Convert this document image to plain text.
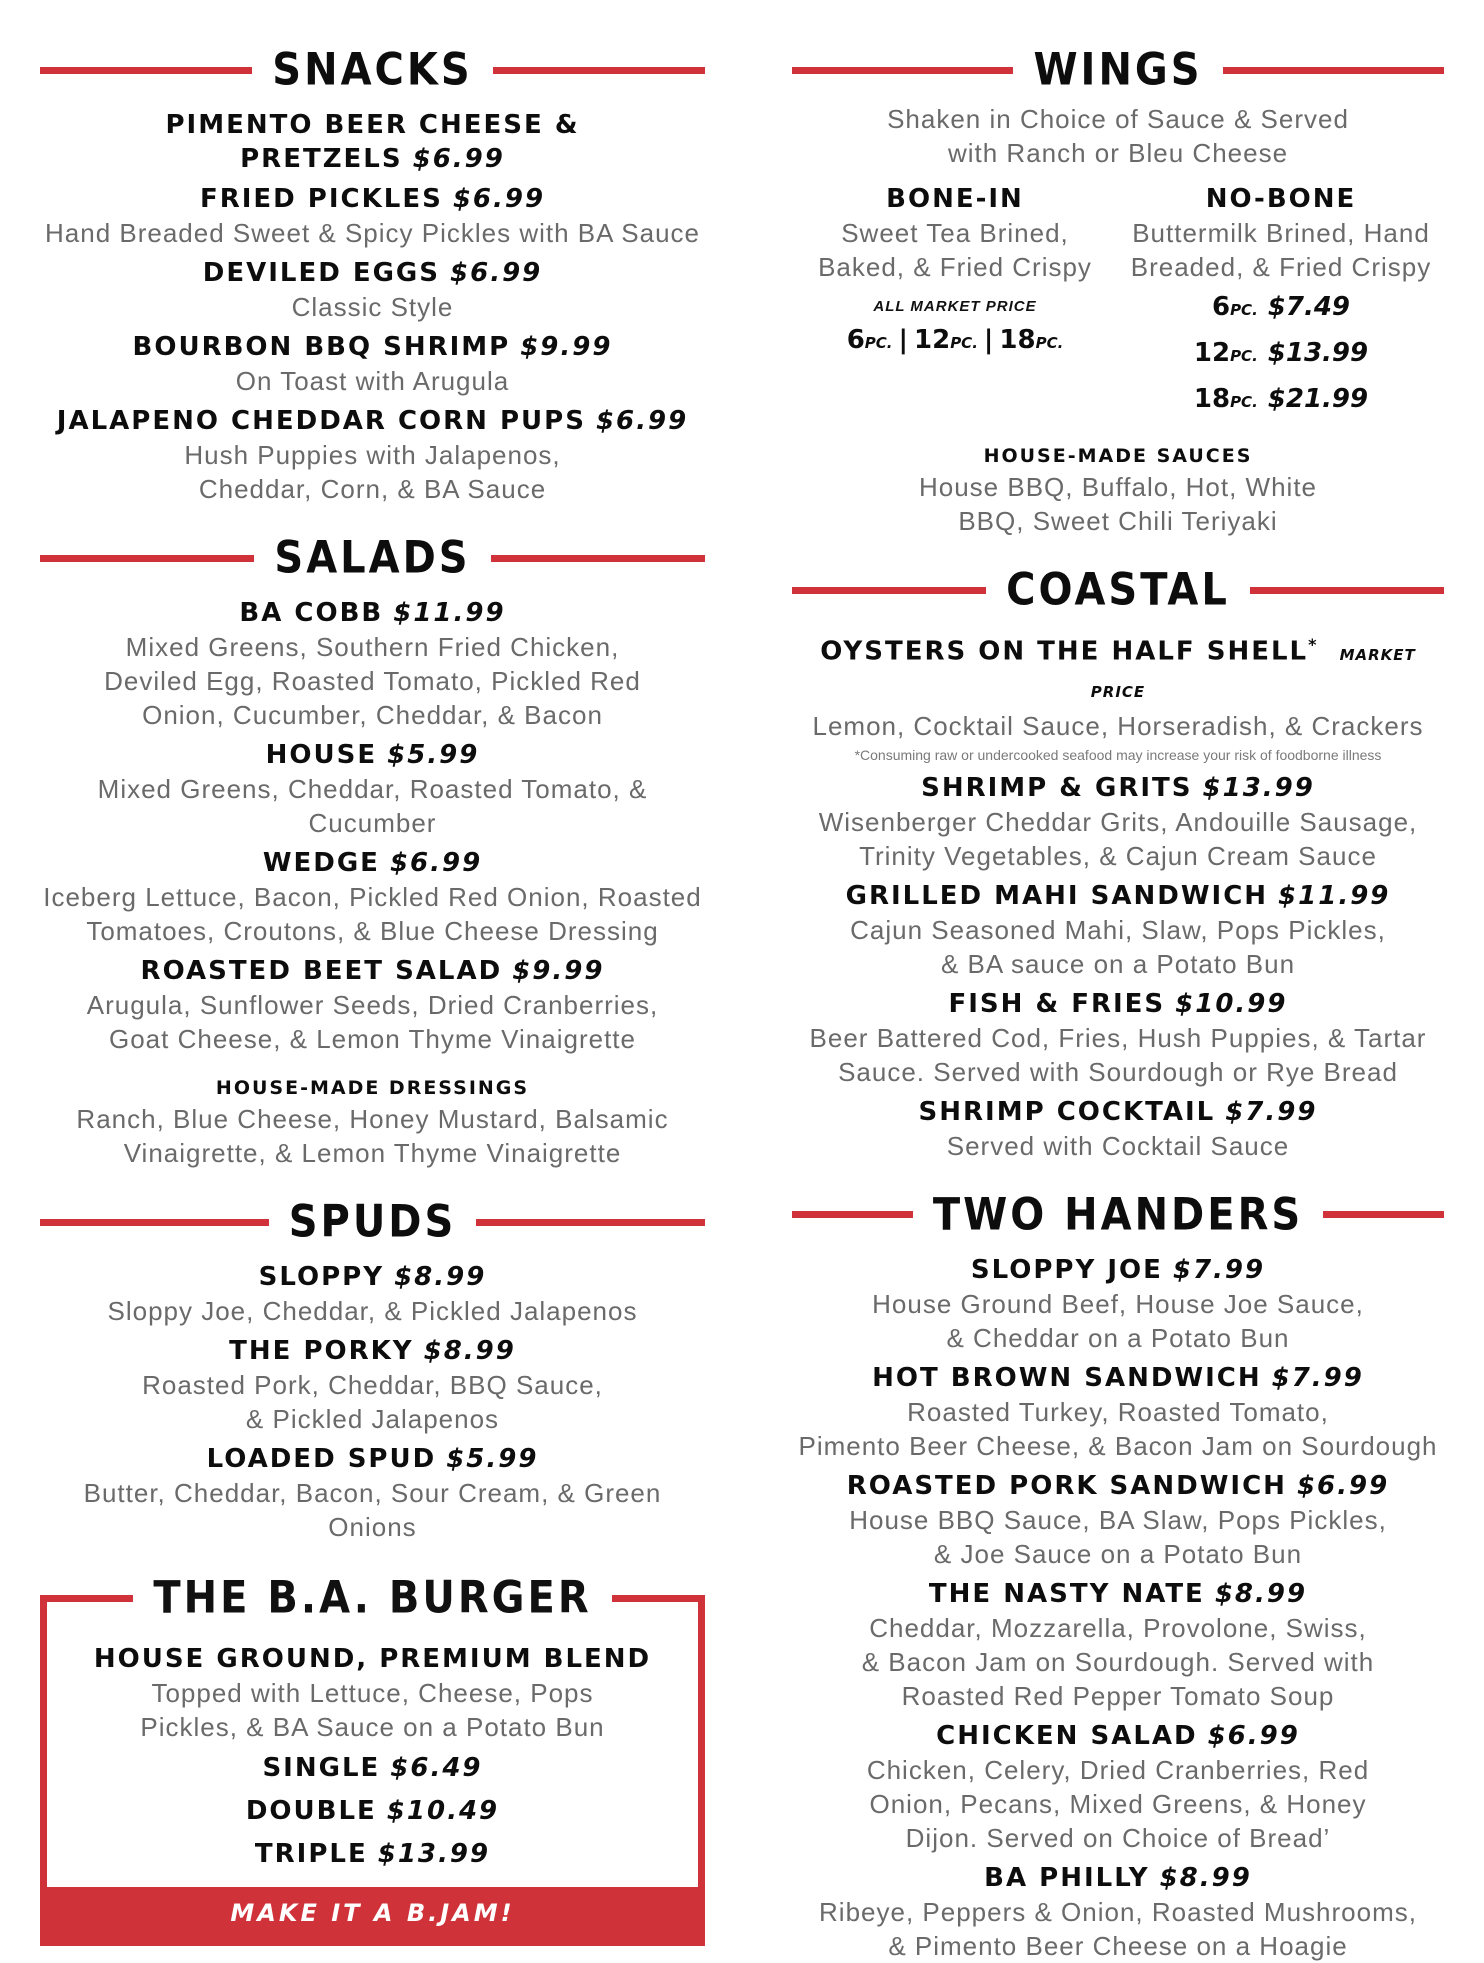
SNACKS
PIMENTO BEER CHEESE & PRETZELS $6.99
FRIED PICKLES $6.99
Hand Breaded Sweet & Spicy Pickles with BA Sauce
DEVILED EGGS $6.99
Classic Style
BOURBON BBQ SHRIMP $9.99
On Toast with Arugula
JALAPENO CHEDDAR CORN PUPS $6.99
Hush Puppies with Jalapenos,
Cheddar, Corn, & BA Sauce
SALADS
BA COBB $11.99
Mixed Greens, Southern Fried Chicken,
Deviled Egg, Roasted Tomato, Pickled Red
Onion, Cucumber, Cheddar, & Bacon
HOUSE $5.99
Mixed Greens, Cheddar, Roasted Tomato, & Cucumber
WEDGE $6.99
Iceberg Lettuce, Bacon, Pickled Red Onion, Roasted
Tomatoes, Croutons, & Blue Cheese Dressing
ROASTED BEET SALAD $9.99
Arugula, Sunflower Seeds, Dried Cranberries,
Goat Cheese, & Lemon Thyme Vinaigrette
HOUSE-MADE DRESSINGS
Ranch, Blue Cheese, Honey Mustard, Balsamic
Vinaigrette, & Lemon Thyme Vinaigrette
SPUDS
SLOPPY $8.99
Sloppy Joe, Cheddar, & Pickled Jalapenos
THE PORKY $8.99
Roasted Pork, Cheddar, BBQ Sauce,
& Pickled Jalapenos
LOADED SPUD $5.99
Butter, Cheddar, Bacon, Sour Cream, & Green Onions
THE B.A. BURGER
HOUSE GROUND, PREMIUM BLEND
Topped with Lettuce, Cheese, Pops
Pickles, & BA Sauce on a Potato Bun
SINGLE $6.49
DOUBLE $10.49
TRIPLE $13.99
MAKE IT A B.JAM!
WINGS
Shaken in Choice of Sauce & Served
with Ranch or Bleu Cheese
BONE-IN
Sweet Tea Brined,
Baked, & Fried Crispy
ALL MARKET PRICE
6PC. | 12PC. | 18PC.
NO-BONE
Buttermilk Brined, Hand
Breaded, & Fried Crispy
6PC. $7.49
12PC. $13.99
18PC. $21.99
HOUSE-MADE SAUCES
House BBQ, Buffalo, Hot, White
BBQ, Sweet Chili Teriyaki
COASTAL
OYSTERS ON THE HALF SHELL* MARKET PRICE
Lemon, Cocktail Sauce, Horseradish, & Crackers
*Consuming raw or undercooked seafood may increase your risk of foodborne illness
SHRIMP & GRITS $13.99
Wisenberger Cheddar Grits, Andouille Sausage,
Trinity Vegetables, & Cajun Cream Sauce
GRILLED MAHI SANDWICH $11.99
Cajun Seasoned Mahi, Slaw, Pops Pickles,
& BA sauce on a Potato Bun
FISH & FRIES $10.99
Beer Battered Cod, Fries, Hush Puppies, & Tartar
Sauce. Served with Sourdough or Rye Bread
SHRIMP COCKTAIL $7.99
Served with Cocktail Sauce
TWO HANDERS
SLOPPY JOE $7.99
House Ground Beef, House Joe Sauce,
& Cheddar on a Potato Bun
HOT BROWN SANDWICH $7.99
Roasted Turkey, Roasted Tomato,
Pimento Beer Cheese, & Bacon Jam on Sourdough
ROASTED PORK SANDWICH $6.99
House BBQ Sauce, BA Slaw, Pops Pickles,
& Joe Sauce on a Potato Bun
THE NASTY NATE $8.99
Cheddar, Mozzarella, Provolone, Swiss,
& Bacon Jam on Sourdough. Served with
Roasted Red Pepper Tomato Soup
CHICKEN SALAD $6.99
Chicken, Celery, Dried Cranberries, Red
Onion, Pecans, Mixed Greens, & Honey
Dijon. Served on Choice of Bread’
BA PHILLY $8.99
Ribeye, Peppers & Onion, Roasted Mushrooms,
& Pimento Beer Cheese on a Hoagie
